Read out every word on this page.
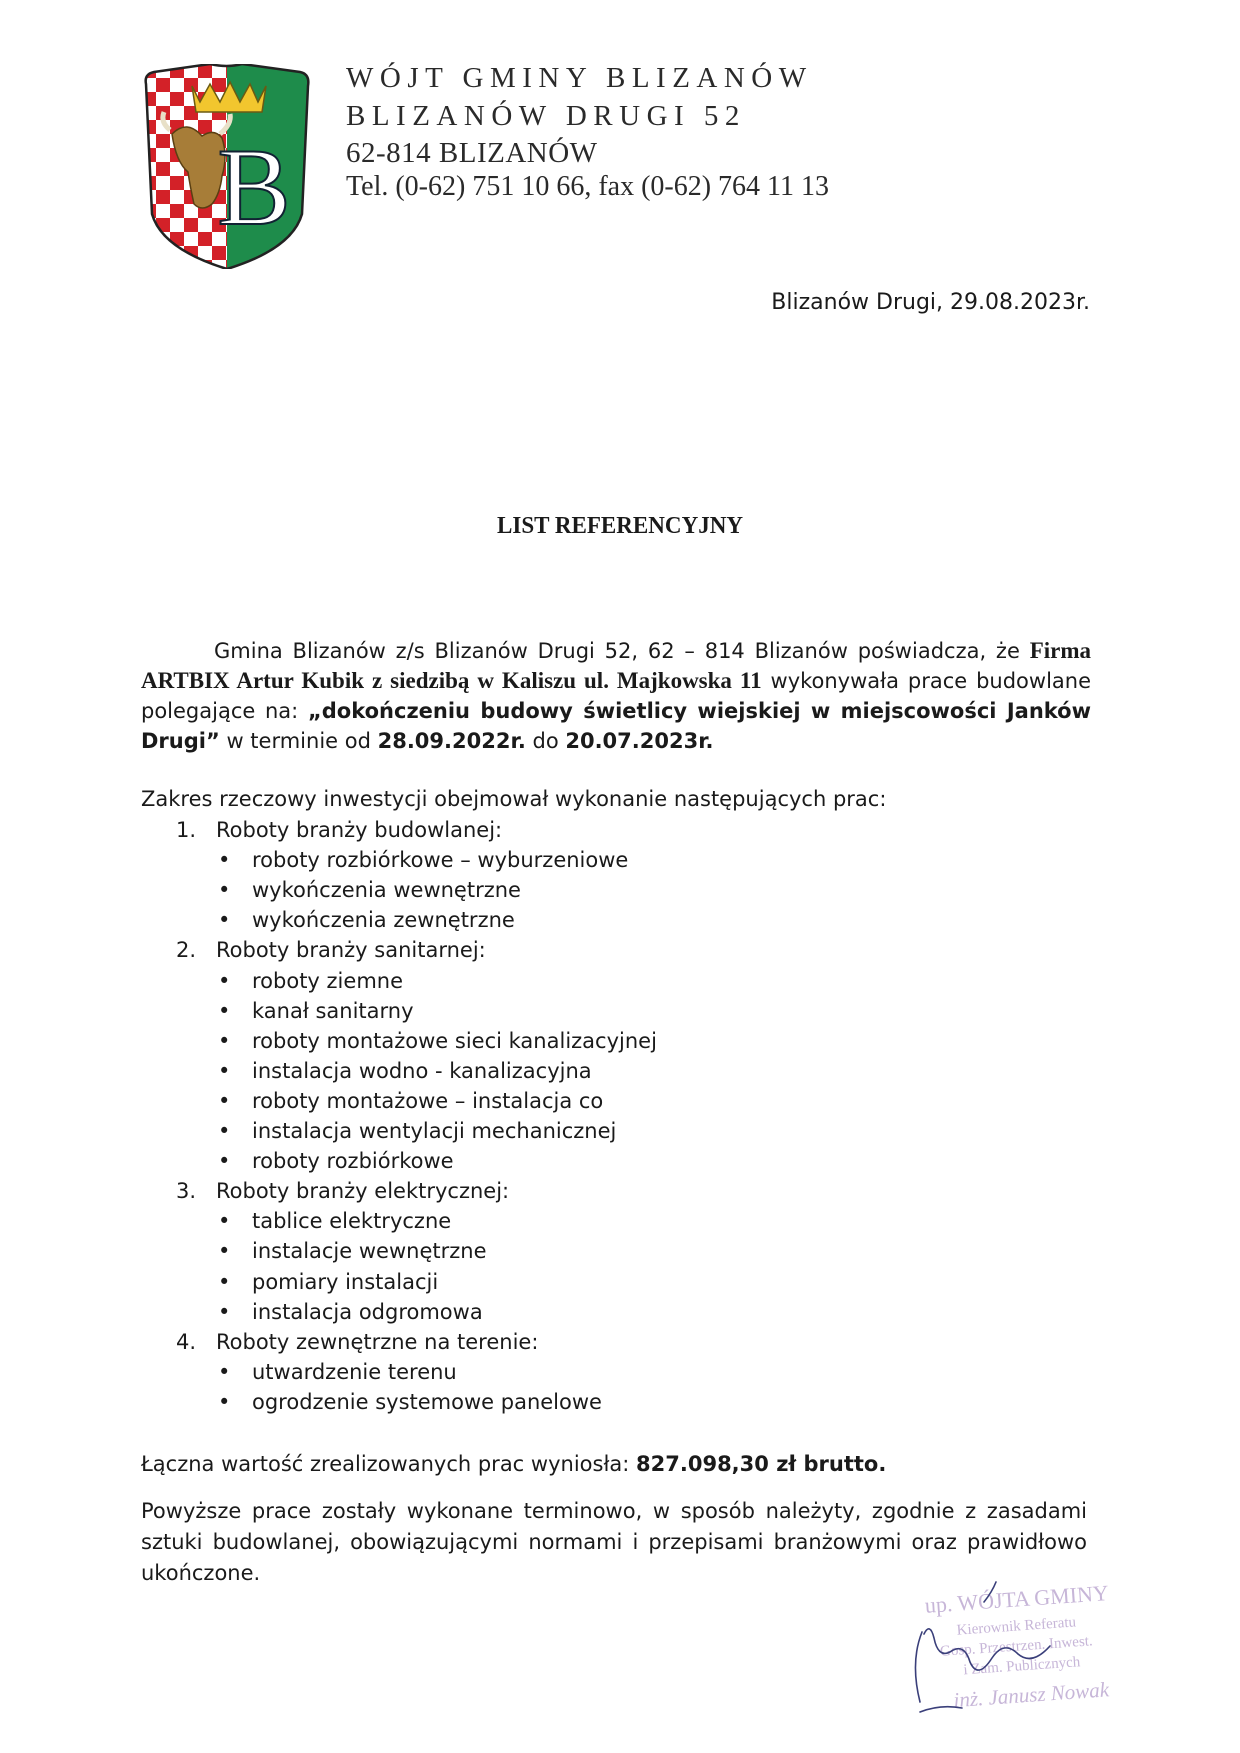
B
WÓJT GMINY BLIZANÓW
BLIZANÓW DRUGI 52
62-814 BLIZANÓW
Tel. (0-62) 751 10 66, fax (0-62) 764 11 13
Blizanów Drugi, 29.08.2023r.
LIST REFERENCYJNY
Gmina Blizanów z/s Blizanów Drugi 52, 62 – 814 Blizanów poświadcza, że Firma ARTBIX Artur Kubik z siedzibą w Kaliszu ul. Majkowska 11 wykonywała prace budowlane polegające na: „dokończeniu budowy świetlicy wiejskiej w miejscowości Janków Drugi” w terminie od 28.09.2022r. do 20.07.2023r.
Zakres rzeczowy inwestycji obejmował wykonanie następujących prac:
1. Roboty branży budowlanej:
• roboty rozbiórkowe – wyburzeniowe
• wykończenia wewnętrzne
• wykończenia zewnętrzne
2. Roboty branży sanitarnej:
• roboty ziemne
• kanał sanitarny
• roboty montażowe sieci kanalizacyjnej
• instalacja wodno - kanalizacyjna
• roboty montażowe – instalacja co
• instalacja wentylacji mechanicznej
• roboty rozbiórkowe
3. Roboty branży elektrycznej:
• tablice elektryczne
• instalacje wewnętrzne
• pomiary instalacji
• instalacja odgromowa
4. Roboty zewnętrzne na terenie:
• utwardzenie terenu
• ogrodzenie systemowe panelowe
Łączna wartość zrealizowanych prac wyniosła: 827.098,30 zł brutto.
Powyższe prace zostały wykonane terminowo, w sposób należyty, zgodnie z zasadami sztuki budowlanej, obowiązującymi normami i przepisami branżowymi oraz prawidłowo ukończone.
up. WÓJTA GMINY
Kierownik Referatu
Gosp. Przestrzen. Inwest.
i Zam. Publicznych
inż. Janusz Nowak
